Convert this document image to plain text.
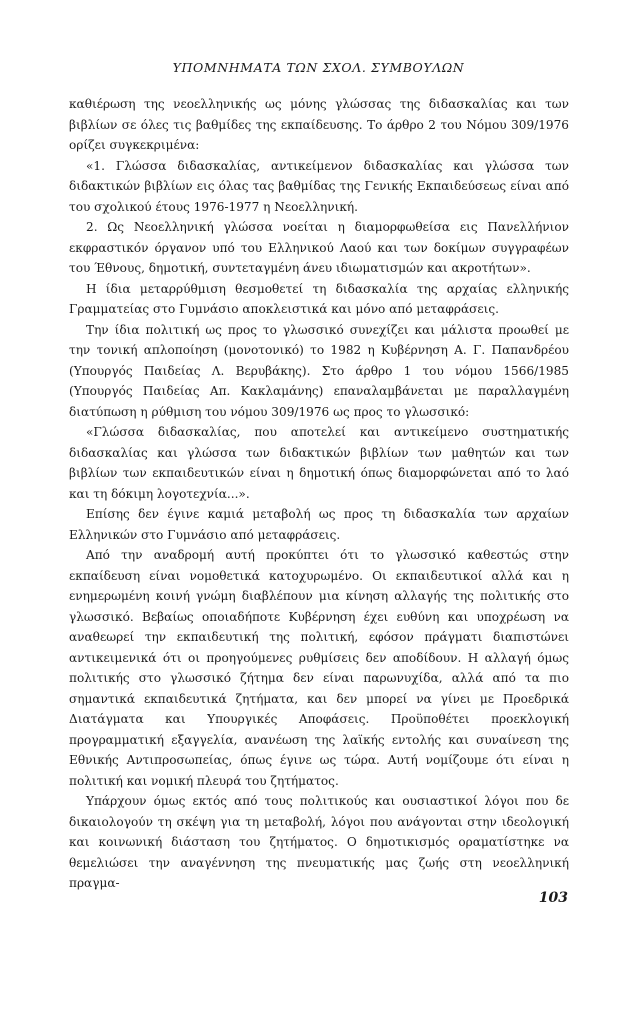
ΥΠΟΜΝΗΜΑΤΑ ΤΩΝ ΣΧΟΛ. ΣΥΜΒΟΥΛΩΝ

καθιέρωση της νεοελληνικής ως μόνης γλώσσας της διδασκαλίας και των βιβλίων σε όλες τις βαθμίδες της εκπαίδευσης. Το άρθρο 2 του Νόμου 309/1976 ορίζει συγκεκριμένα:

«1. Γλώσσα διδασκαλίας, αντικείμενον διδασκαλίας και γλώσσα των διδακτικών βιβλίων εις όλας τας βαθμίδας της Γενικής Εκπαιδεύσεως είναι από του σχολικού έτους 1976-1977 η Νεοελληνική.

2. Ως Νεοελληνική γλώσσα νοείται η διαμορφωθείσα εις Πανελλήνιον εκφραστικόν όργανον υπό του Ελληνικού Λαού και των δοκίμων συγγραφέων του Έθνους, δημοτική, συντεταγμένη άνευ ιδιωματισμών και ακροτήτων».

Η ίδια μεταρρύθμιση θεσμοθετεί τη διδασκαλία της αρχαίας ελληνικής Γραμματείας στο Γυμνάσιο αποκλειστικά και μόνο από μεταφράσεις.

Την ίδια πολιτική ως προς το γλωσσικό συνεχίζει και μάλιστα προωθεί με την τονική απλοποίηση (μονοτονικό) το 1982 η Κυβέρνηση Α. Γ. Παπανδρέου (Υπουργός Παιδείας Λ. Βερυβάκης). Στο άρθρο 1 του νόμου 1566/1985 (Υπουργός Παιδείας Απ. Κακλαμάνης) επαναλαμβάνεται με παραλλαγμένη διατύπωση η ρύθμιση του νόμου 309/1976 ως προς το γλωσσικό:

«Γλώσσα διδασκαλίας, που αποτελεί και αντικείμενο συστηματικής διδασκαλίας και γλώσσα των διδακτικών βιβλίων των μαθητών και των βιβλίων των εκπαιδευτικών είναι η δημοτική όπως διαμορφώνεται από το λαό και τη δόκιμη λογοτεχνία...».

Επίσης δεν έγινε καμιά μεταβολή ως προς τη διδασκαλία των αρχαίων Ελληνικών στο Γυμνάσιο από μεταφράσεις.

Από την αναδρομή αυτή προκύπτει ότι το γλωσσικό καθεστώς στην εκπαίδευση είναι νομοθετικά κατοχυρωμένο. Οι εκπαιδευτικοί αλλά και η ενημερωμένη κοινή γνώμη διαβλέπουν μια κίνηση αλλαγής της πολιτικής στο γλωσσικό. Βεβαίως οποιαδήποτε Κυβέρνηση έχει ευθύνη και υποχρέωση να αναθεωρεί την εκπαιδευτική της πολιτική, εφόσον πράγματι διαπιστώνει αντικειμενικά ότι οι προηγούμενες ρυθμίσεις δεν αποδίδουν. Η αλλαγή όμως πολιτικής στο γλωσσικό ζήτημα δεν είναι παρωνυχίδα, αλλά από τα πιο σημαντικά εκπαιδευτικά ζητήματα, και δεν μπορεί να γίνει με Προεδρικά Διατάγματα και Υπουργικές Αποφάσεις. Προϋποθέτει προεκλογική προγραμματική εξαγγελία, ανανέωση της λαϊκής εντολής και συναίνεση της Εθνικής Αντιπροσωπείας, όπως έγινε ως τώρα. Αυτή νομίζουμε ότι είναι η πολιτική και νομική πλευρά του ζητήματος.

Υπάρχουν όμως εκτός από τους πολιτικούς και ουσιαστικοί λόγοι που δε δικαιολογούν τη σκέψη για τη μεταβολή, λόγοι που ανάγονται στην ιδεολογική και κοινωνική διάσταση του ζητήματος. Ο δημοτικισμός οραματίστηκε να θεμελιώσει την αναγέννηση της πνευματικής μας ζωής στη νεοελληνική πραγμα-

103
